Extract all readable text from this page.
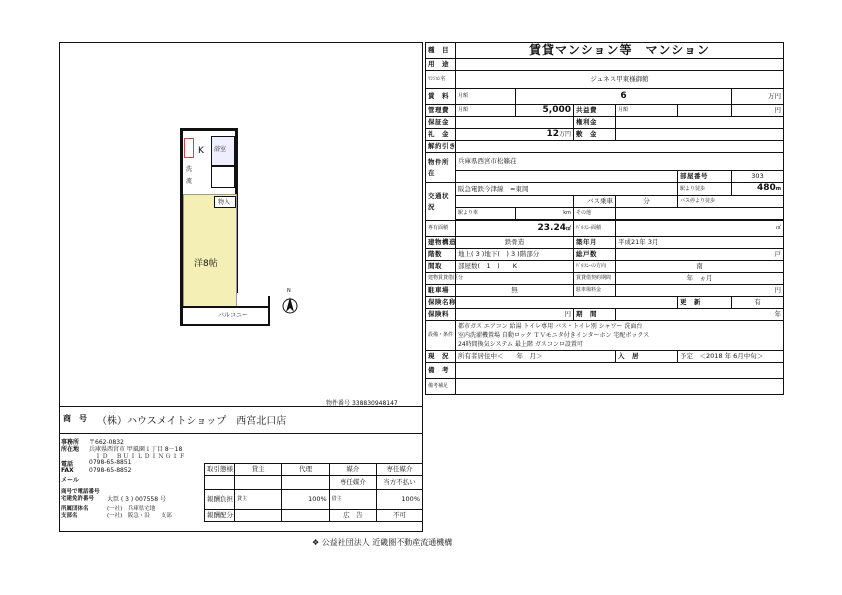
洋8帖
浴室
流
洗
K
物入
バルコニー
N
物件番号 338830948147
商　号 （株）ハウスメイトショップ　西宮北口店
事務所 〒662-0832
所在地 兵庫県西宮市 甲風園１丁目 8－18
ＩＤ　ＢＵＩＬＤＩＮＧ１Ｆ
電話	0798-65-8851
FAX	0798-65-8852
メール
商号で電話番号
宅建免許番号 大臣 ( 3 ) 007558 号
所属団体名	(一社)　兵庫県宅地
支部名	(一社)　阪急・沿　　支部
取引態様	貸主	代理	媒介	専任媒介
			専任媒介	当方不払い
報酬負担	貸主	100%	借主	100%
報酬配分			広　告	不可
種　目	賃貸マンション等　マンション					
用　途						
ﾏﾝｼｮﾝ名	ジュネス甲東様御館					
賃　料	月額	6				万円
管理費	月額	5,000	共益費	月額		円
保証金			権利金			
礼　金	12万円		敷　金			
解約引き						
物件所在	兵庫県西宮市松籟荘					
					部屋番号	303
交通状況	阪急電鉄今津線　=東岡				駅より徒歩	480m
			バス乗車	分	バス停より徒歩	
	駅より車	km	その他			

専有面積	23.24㎡		ﾊﾞﾙｺﾆｰ面積	㎡		
建物構造	鉄骨造		築年月	平成21年 3月		
階数	地上( 3 )地下(　) 3 )階部分		総戸数	戸		
間取	部屋数(　1　)　　K		ﾊﾞﾙｺﾆｰの方向	南		
建物賃貸借区分			賃貸借契約期間	年　ヵ月		
駐車場	無		駐車場料金	円		
保険名称					更　新	有
保険料	円		期　間	年		
設備・条件	都市ガス エアコン 給湯 トイレ専用 バス・トイレ別 シャワー 洗面台
室内洗濯機置場 自動ロック ＴＶモニタ付きインターホン 宅配ボックス
24時間換気システム 最上階 ガスコンロ設置可					

現　況	所有者居住中＜　　年　月＞			入　居	予定　＜2018 年 6月中旬＞	
備　考						
備考補足						
❖ 公益社団法人 近畿圏不動産流通機構
